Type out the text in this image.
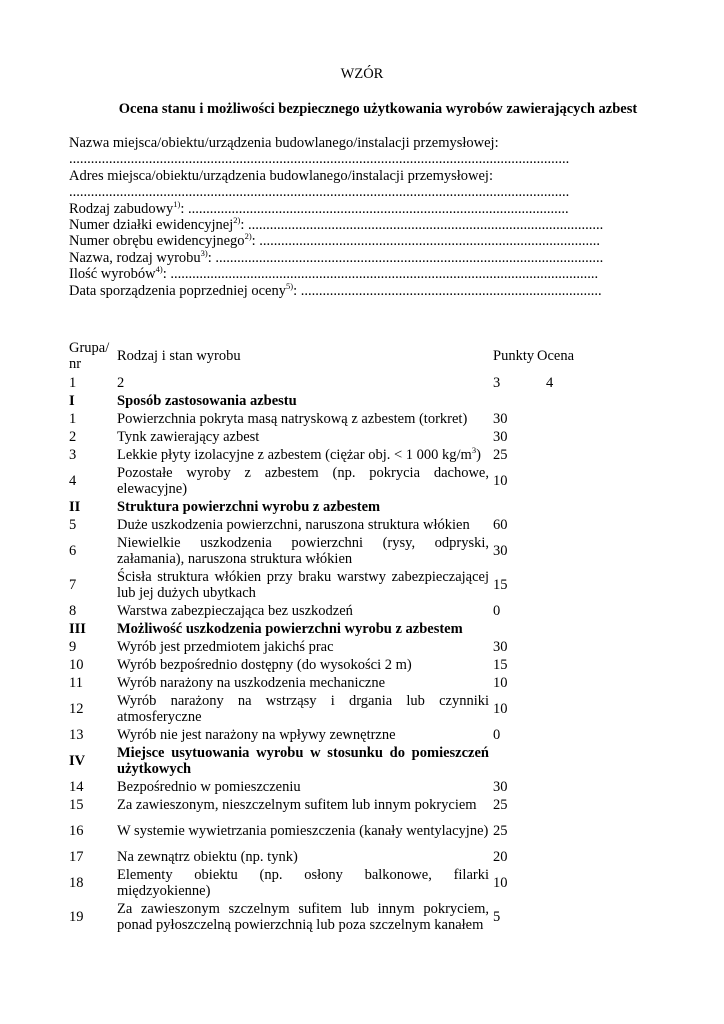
WZÓR
Ocena stanu i możliwości bezpiecznego użytkowania wyrobów zawierających azbest
Nazwa miejsca/obiektu/urządzenia budowlanego/instalacji przemysłowej:
..........................................................................................................................................
Adres miejsca/obiektu/urządzenia budowlanego/instalacji przemysłowej:
..........................................................................................................................................
Rodzaj zabudowy$^{1)}$: .........................................................................................................
Numer działki ewidencyjnej$^{2)}$: ..................................................................................................
Numer obrębu ewidencyjnego$^{2)}$: ..............................................................................................
Nazwa, rodzaj wyrobu$^{3)}$: ...........................................................................................................
Ilość wyrobów$^{4)}$: ......................................................................................................................
Data sporządzenia poprzedniej oceny$^{5)}$: ...................................................................................
Grupa/
nr	Rodzaj i stan wyrobu	Punkty	Ocena
1	2	3	4
I	Sposób zastosowania azbestu		
1	Powierzchnia pokryta masą natryskową z azbestem (torkret)	30	
2	Tynk zawierający azbest	30	
3	Lekkie płyty izolacyjne z azbestem (ciężar obj. < 1 000 $kg/m^3$)	25	
4	Pozostałe wyroby z azbestem (np. pokrycia dachowe, elewacyjne)	10	
II	Struktura powierzchni wyrobu z azbestem		
5	Duże uszkodzenia powierzchni, naruszona struktura włókien	60	
6	Niewielkie uszkodzenia powierzchni (rysy, odpryski, załamania), naruszona struktura włókien	30	
7	Ścisła struktura włókien przy braku warstwy zabezpieczającej lub jej dużych ubytkach	15	
8	Warstwa zabezpieczająca bez uszkodzeń	0	
III	Możliwość uszkodzenia powierzchni wyrobu z azbestem		
9	Wyrób jest przedmiotem jakichś prac	30	
10	Wyrób bezpośrednio dostępny (do wysokości 2 m)	15	
11	Wyrób narażony na uszkodzenia mechaniczne	10	
12	Wyrób narażony na wstrząsy i drgania lub czynniki atmosferyczne	10	
13	Wyrób nie jest narażony na wpływy zewnętrzne	0	
IV	Miejsce usytuowania wyrobu w stosunku do pomieszczeń użytkowych		
14	Bezpośrednio w pomieszczeniu	30	
15	Za zawieszonym, nieszczelnym sufitem lub innym pokryciem	25	
16	W systemie wywietrzania pomieszczenia (kanały wentylacyjne)	25	
17	Na zewnątrz obiektu (np. tynk)	20	
18	Elementy obiektu (np. osłony balkonowe, filarki międzyokienne)	10	
19	Za zawieszonym szczelnym sufitem lub innym pokryciem, ponad pyłoszczelną powierzchnią lub poza szczelnym kanałem	5	
